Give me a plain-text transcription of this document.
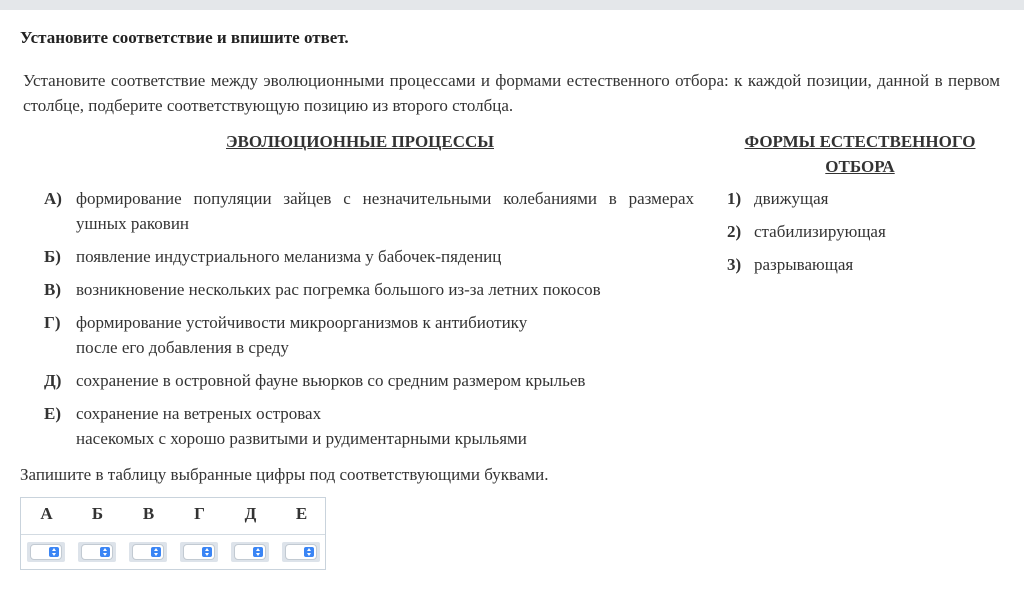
Установите соответствие и впишите ответ.
Установите соответствие между эволюционными процессами и формами естественного отбора: к каждой позиции, данной в первом столбце, подберите соответствующую позицию из второго столбца.
ЭВОЛЮЦИОННЫЕ ПРОЦЕССЫ	ФОРМЫ ЕСТЕСТВЕННОГО ОТБОРА
А) формирование популяции зайцев с незначительными колебаниями в размерах ушных раковин
Б) появление индустриального меланизма у бабочек-пядениц
В) возникновение нескольких рас погремка большого из-за летних покосов
Г) формирование устойчивости микроорганизмов к антибиотику
после его добавления в среду
Д) сохранение в островной фауне вьюрков со средним размером крыльев
Е) сохранение на ветреных островах
насекомых с хорошо развитыми и рудиментарными крыльями
1) движущая
2) стабилизирующая
3) разрывающая
Запишите в таблицу выбранные цифры под соответствующими буквами.
А	Б	В	Г	Д	Е
